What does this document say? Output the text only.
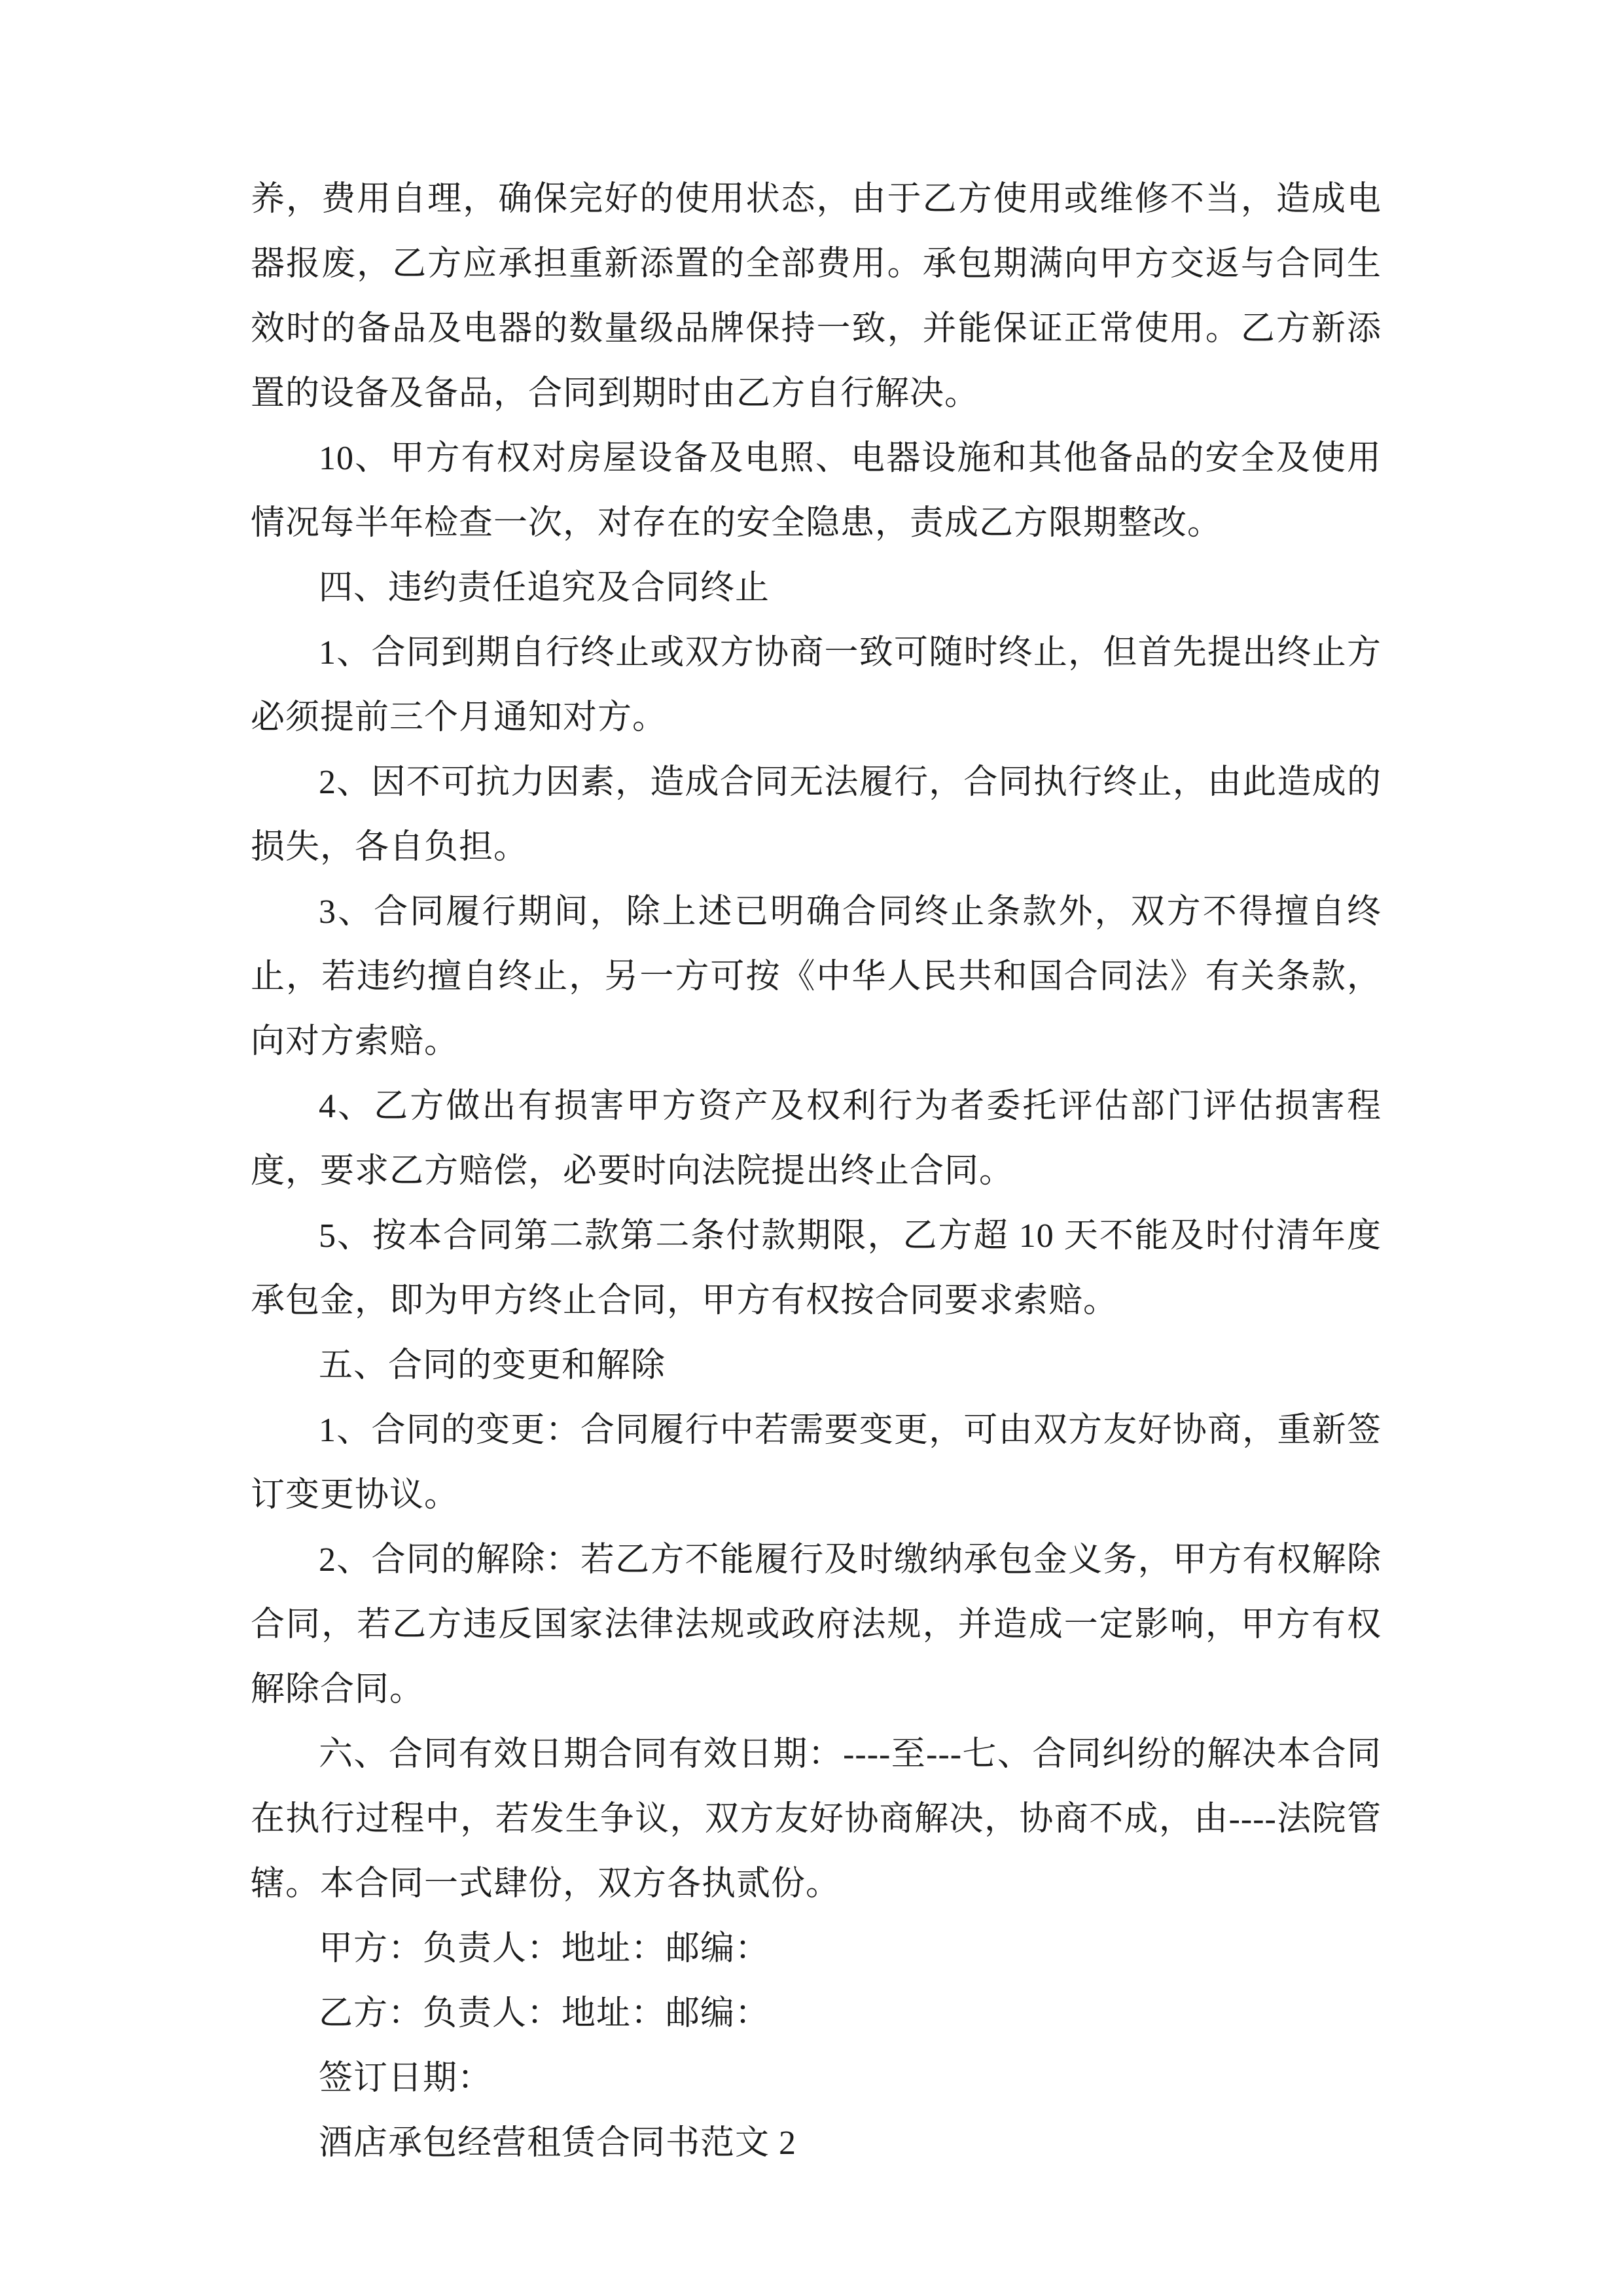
养，费用自理，确保完好的使用状态，由于乙方使用或维修不当，造成电器报废，乙方应承担重新添置的全部费用。承包期满向甲方交返与合同生效时的备品及电器的数量级品牌保持一致，并能保证正常使用。乙方新添置的设备及备品，合同到期时由乙方自行解决。

10、甲方有权对房屋设备及电照、电器设施和其他备品的安全及使用情况每半年检查一次，对存在的安全隐患，责成乙方限期整改。

四、违约责任追究及合同终止

1、合同到期自行终止或双方协商一致可随时终止，但首先提出终止方必须提前三个月通知对方。

2、因不可抗力因素，造成合同无法履行，合同执行终止，由此造成的损失，各自负担。

3、合同履行期间，除上述已明确合同终止条款外，双方不得擅自终止，若违约擅自终止，另一方可按《中华人民共和国合同法》有关条款，向对方索赔。

4、乙方做出有损害甲方资产及权利行为者委托评估部门评估损害程度，要求乙方赔偿，必要时向法院提出终止合同。

5、按本合同第二款第二条付款期限，乙方超 10 天不能及时付清年度承包金，即为甲方终止合同，甲方有权按合同要求索赔。

五、合同的变更和解除

1、合同的变更：合同履行中若需要变更，可由双方友好协商，重新签订变更协议。

2、合同的解除：若乙方不能履行及时缴纳承包金义务，甲方有权解除合同，若乙方违反国家法律法规或政府法规，并造成一定影响，甲方有权解除合同。

六、合同有效日期合同有效日期：----至---七、合同纠纷的解决本合同在执行过程中，若发生争议，双方友好协商解决，协商不成，由----法院管辖。本合同一式肆份，双方各执贰份。

甲方：负责人：地址：邮编：

乙方：负责人：地址：邮编：

签订日期：

酒店承包经营租赁合同书范文 2
